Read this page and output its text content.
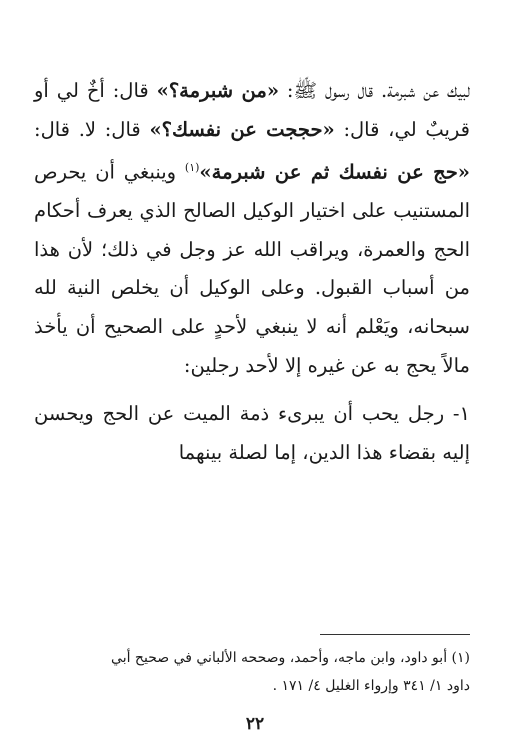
لبيك عن شبرمة. قال رسول ﷺ: «من شبرمة؟» قال: أخٌ لي أو قريبٌ لي، قال: «حججت عن نفسك؟» قال: لا. قال: «حج عن نفسك ثم عن شبرمة»$^{(١)}$ وينبغي أن يحرص المستنيب على اختيار الوكيل الصالح الذي يعرف أحكام الحج والعمرة، ويراقب الله عز وجل في ذلك؛ لأن هذا من أسباب القبول. وعلى الوكيل أن يخلص النية لله سبحانه، ويَعْلم أنه لا ينبغي لأحدٍ على الصحيح أن يأخذ مالاً يحج به عن غيره إلا لأحد رجلين:

١- رجل يحب أن يبرىء ذمة الميت عن الحج ويحسن إليه بقضاء هذا الدين، إما لصلة بينهما

(١) أبو داود، وابن ماجه، وأحمد، وصححه الألباني في صحيح أبي

داود ١/ ٣٤١ وإرواء الغليل ٤/ ١٧١ .

٢٢
